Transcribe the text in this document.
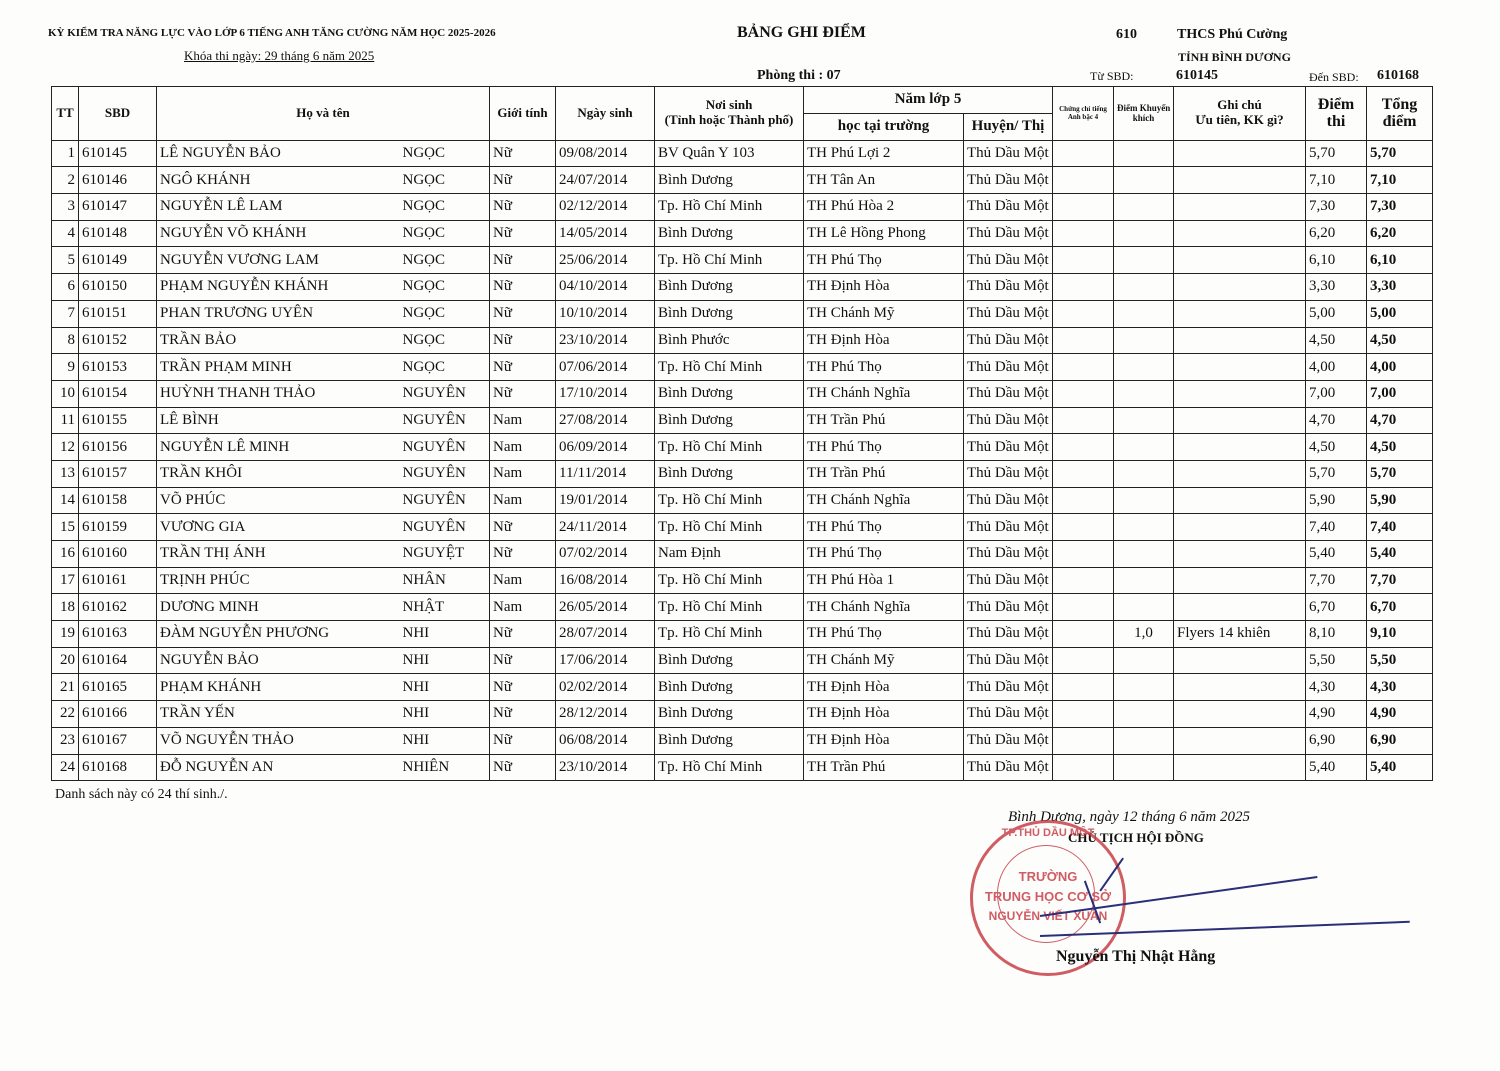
KỲ KIỂM TRA NĂNG LỰC VÀO LỚP 6 TIẾNG ANH TĂNG CƯỜNG NĂM HỌC 2025-2026
Khóa thi ngày: 29 tháng 6 năm 2025
BẢNG GHI ĐIỂM
Phòng thi : 07
610	THCS Phú Cường
TỈNH BÌNH DƯƠNG
Từ SBD:	610145	Đến SBD: 610168
TT	SBD	Họ và tên	Giới tính	Ngày sinh	Nơi sinh
(Tỉnh hoặc Thành phố)
	Năm lớp 5	
Chứng chỉ tiếng
Anh bậc 4

Điểm Khuyến
khích

Ghi chú
Ưu tiên, KK gì?

Điểm
thi

Tổng
điểm

học tại trường	Huyện/ Thị
1	610145	LÊ NGUYỄN BẢO	NGỌC	Nữ	09/08/2014	BV Quân Y 103	TH Phú Lợi 2	Thủ Dầu Một				5,70	5,70
2	610146	NGÔ KHÁNH	NGỌC	Nữ	24/07/2014	Bình Dương	TH Tân An	Thủ Dầu Một				7,10	7,10
3	610147	NGUYỄN LÊ LAM	NGỌC	Nữ	02/12/2014	Tp. Hồ Chí Minh	TH Phú Hòa 2	Thủ Dầu Một				7,30	7,30
4	610148	NGUYỄN VÕ KHÁNH	NGỌC	Nữ	14/05/2014	Bình Dương	TH Lê Hồng Phong	Thủ Dầu Một				6,20	6,20
5	610149	NGUYỄN VƯƠNG LAM	NGỌC	Nữ	25/06/2014	Tp. Hồ Chí Minh	TH Phú Thọ	Thủ Dầu Một				6,10	6,10
6	610150	PHẠM NGUYỄN KHÁNH	NGỌC	Nữ	04/10/2014	Bình Dương	TH Định Hòa	Thủ Dầu Một				3,30	3,30
7	610151	PHAN TRƯƠNG UYÊN	NGỌC	Nữ	10/10/2014	Bình Dương	TH Chánh Mỹ	Thủ Dầu Một				5,00	5,00
8	610152	TRẦN BẢO	NGỌC	Nữ	23/10/2014	Bình Phước	TH Định Hòa	Thủ Dầu Một				4,50	4,50
9	610153	TRẦN PHẠM MINH	NGỌC	Nữ	07/06/2014	Tp. Hồ Chí Minh	TH Phú Thọ	Thủ Dầu Một				4,00	4,00
10	610154	HUỲNH THANH THẢO	NGUYÊN	Nữ	17/10/2014	Bình Dương	TH Chánh Nghĩa	Thủ Dầu Một				7,00	7,00
11	610155	LÊ BÌNH	NGUYÊN	Nam	27/08/2014	Bình Dương	TH Trần Phú	Thủ Dầu Một				4,70	4,70
12	610156	NGUYỄN LÊ MINH	NGUYÊN	Nam	06/09/2014	Tp. Hồ Chí Minh	TH Phú Thọ	Thủ Dầu Một				4,50	4,50
13	610157	TRẦN KHÔI	NGUYÊN	Nam	11/11/2014	Bình Dương	TH Trần Phú	Thủ Dầu Một				5,70	5,70
14	610158	VÕ PHÚC	NGUYÊN	Nam	19/01/2014	Tp. Hồ Chí Minh	TH Chánh Nghĩa	Thủ Dầu Một				5,90	5,90
15	610159	VƯƠNG GIA	NGUYÊN	Nữ	24/11/2014	Tp. Hồ Chí Minh	TH Phú Thọ	Thủ Dầu Một				7,40	7,40
16	610160	TRẦN THỊ ÁNH	NGUYỆT	Nữ	07/02/2014	Nam Định	TH Phú Thọ	Thủ Dầu Một				5,40	5,40
17	610161	TRỊNH PHÚC	NHÂN	Nam	16/08/2014	Tp. Hồ Chí Minh	TH Phú Hòa 1	Thủ Dầu Một				7,70	7,70
18	610162	DƯƠNG MINH	NHẬT	Nam	26/05/2014	Tp. Hồ Chí Minh	TH Chánh Nghĩa	Thủ Dầu Một				6,70	6,70
19	610163	ĐÀM NGUYỄN PHƯƠNG	NHI	Nữ	28/07/2014	Tp. Hồ Chí Minh	TH Phú Thọ	Thủ Dầu Một		1,0	Flyers 14 khiên	8,10	9,10
20	610164	NGUYỄN BẢO	NHI	Nữ	17/06/2014	Bình Dương	TH Chánh Mỹ	Thủ Dầu Một				5,50	5,50
21	610165	PHẠM KHÁNH	NHI	Nữ	02/02/2014	Bình Dương	TH Định Hòa	Thủ Dầu Một				4,30	4,30
22	610166	TRẦN YẾN	NHI	Nữ	28/12/2014	Bình Dương	TH Định Hòa	Thủ Dầu Một				4,90	4,90
23	610167	VÕ NGUYỄN THẢO	NHI	Nữ	06/08/2014	Bình Dương	TH Định Hòa	Thủ Dầu Một				6,90	6,90
24	610168	ĐỖ NGUYỄN AN	NHIÊN	Nữ	23/10/2014	Tp. Hồ Chí Minh	TH Trần Phú	Thủ Dầu Một				5,40	5,40
Danh sách này có 24 thí sinh./.
Bình Dương, ngày 12 tháng 6 năm 2025
CHỦ TỊCH HỘI ĐỒNG
TP.THỦ DẦU MỘT
TRƯỜNG
TRUNG HỌC CƠ SỞ
NGUYỄN VIẾT XUÂN
Nguyễn Thị Nhật Hằng
